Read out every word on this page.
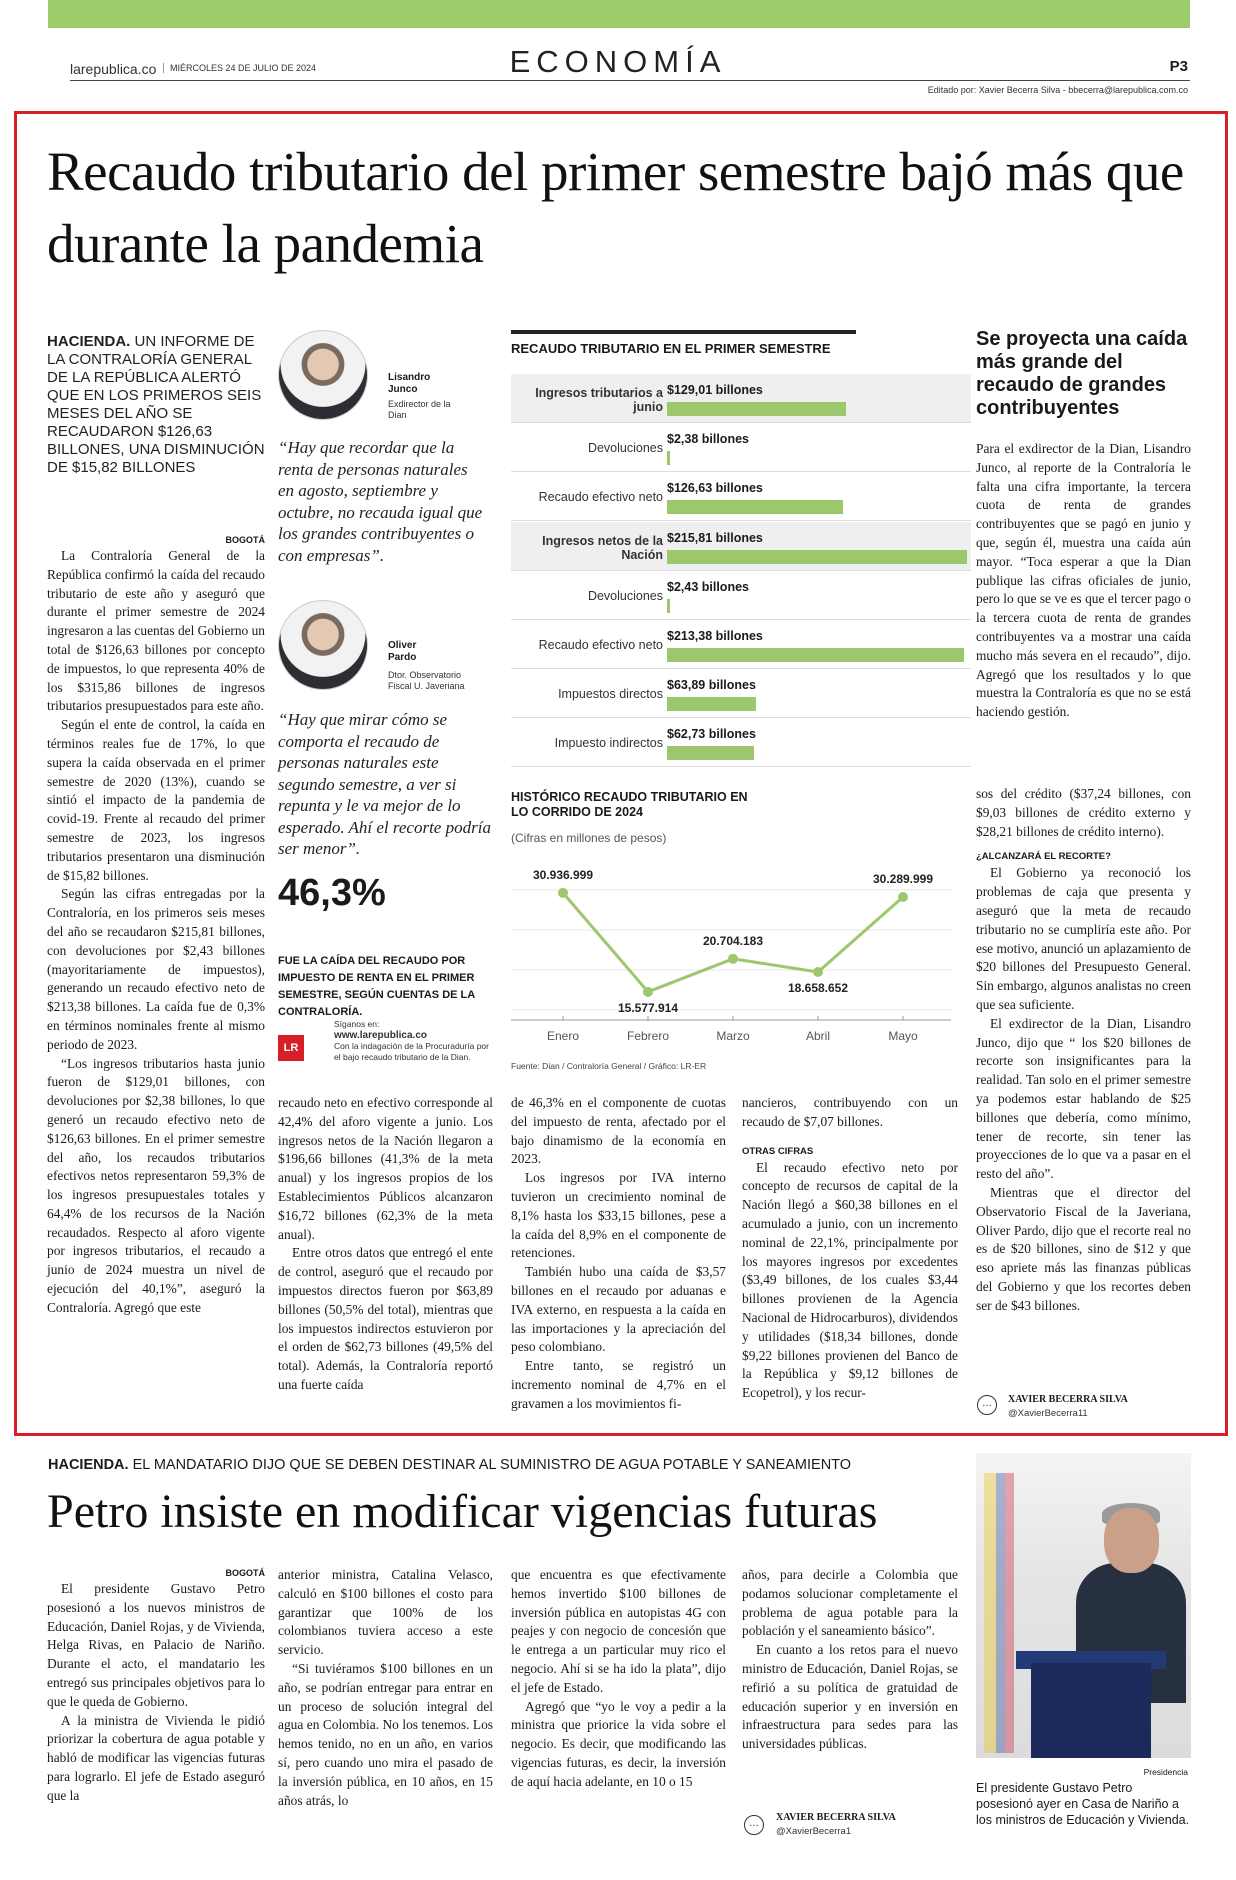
larepublica.co	MIÉRCOLES 24 DE JULIO DE 2024	ECONOMÍA	P3
Editado por: Xavier Becerra Silva - bbecerra@larepublica.com.co
Recaudo tributario del primer semestre bajó más que durante la pandemia
HACIENDA. UN INFORME DE LA CONTRALORÍA GENERAL DE LA REPÚBLICA ALERTÓ QUE EN LOS PRIMEROS SEIS MESES DEL AÑO SE RECAUDARON $126,63 BILLONES, UNA DISMINUCIÓN DE $15,82 BILLONES
BOGOTÁ

La Contraloría General de la República confirmó la caída del recaudo tributario de este año y aseguró que durante el primer semestre de 2024 ingresaron a las cuentas del Gobierno un total de $126,63 billones por concepto de impuestos, lo que representa 40% de los $315,86 billones de ingresos tributarios presupuestados para este año.

Según el ente de control, la caída en términos reales fue de 17%, lo que supera la caída observada en el primer semestre de 2020 (13%), cuando se sintió el impacto de la pandemia de covid-19. Frente al recaudo del primer semestre de 2023, los ingresos tributarios presentaron una disminución de $15,82 billones.

Según las cifras entregadas por la Contraloría, en los primeros seis meses del año se recaudaron $215,81 billones, con devoluciones por $2,43 billones (mayoritariamente de impuestos), generando un recaudo efectivo neto de $213,38 billones. La caída fue de 0,3% en términos nominales frente al mismo periodo de 2023.

“Los ingresos tributarios hasta junio fueron de $129,01 billones, con devoluciones por $2,38 billones, lo que generó un recaudo efectivo neto de $126,63 billones. En el primer semestre del año, los recaudos tributarios efectivos netos representaron 59,3% de los ingresos presupuestales totales y 64,4% de los recursos de la Nación recaudados. Respecto al aforo vigente por ingresos tributarios, el recaudo a junio de 2024 muestra un nivel de ejecución del 40,1%”, aseguró la Contraloría. Agregó que este

Lisandro
Junco
Exdirector de la Dian
“Hay que recordar que la renta de personas naturales en agosto, septiembre y octubre, no recauda igual que los grandes contribuyentes o con empresas”.
Oliver
Pardo
Dtor. Observatorio Fiscal U. Javeriana
“Hay que mirar cómo se comporta el recaudo de personas naturales este segundo semestre, a ver si repunta y le va mejor de lo esperado. Ahí el recorte podría ser menor”.
46,3%
FUE LA CAÍDA DEL RECAUDO POR IMPUESTO DE RENTA EN EL PRIMER SEMESTRE, SEGÚN CUENTAS DE LA CONTRALORÍA.
LR
Síganos en:
www.larepublica.co
Con la indagación de la Procuraduría por el bajo recaudo tributario de la Dian.

recaudo neto en efectivo corresponde al 42,4% del aforo vigente a junio. Los ingresos netos de la Nación llegaron a $196,66 billones (41,3% de la meta anual) y los ingresos propios de los Establecimientos Públicos alcanzaron $16,72 billones (62,3% de la meta anual).

Entre otros datos que entregó el ente de control, aseguró que el recaudo por impuestos directos fueron por $63,89 billones (50,5% del total), mientras que los impuestos indirectos estuvieron por el orden de $62,73 billones (49,5% del total). Además, la Contraloría reportó una fuerte caída

RECAUDO TRIBUTARIO EN EL PRIMER SEMESTRE
Ingresos tributarios a junio
$129,01 billones
Devoluciones
$2,38 billones
Recaudo efectivo neto
$126,63 billones
Ingresos netos de la Nación
$215,81 billones
Devoluciones
$2,43 billones
Recaudo efectivo neto
$213,38 billones
Impuestos directos
$63,89 billones
Impuesto indirectos
$62,73 billones
HISTÓRICO RECAUDO TRIBUTARIO EN LO CORRIDO DE 2024
(Cifras en millones de pesos)
30.936.999
Enero
15.577.914
Febrero
20.704.183
Marzo
18.658.652
Abril
30.289.999
Mayo
Fuente: Dian / Contraloría General / Gráfico: LR-ER

de 46,3% en el componente de cuotas del impuesto de renta, afectado por el bajo dinamismo de la economía en 2023.

Los ingresos por IVA interno tuvieron un crecimiento nominal de 8,1% hasta los $33,15 billones, pese a la caída del 8,9% en el componente de retenciones.

También hubo una caída de $3,57 billones en el recaudo por aduanas e IVA externo, en respuesta a la caída en las importaciones y la apreciación del peso colombiano.

Entre tanto, se registró un incremento nominal de 4,7% en el gravamen a los movimientos fi-

nancieros, contribuyendo con un recaudo de $7,07 billones.

OTRAS CIFRAS

El recaudo efectivo neto por concepto de recursos de capital de la Nación llegó a $60,38 billones en el acumulado a junio, con un incremento nominal de 22,1%, principalmente por los mayores ingresos por excedentes ($3,49 billones, de los cuales $3,44 billones provienen de la Agencia Nacional de Hidrocarburos), dividendos y utilidades ($18,34 billones, donde $9,22 billones provienen del Banco de la República y $9,12 billones de Ecopetrol), y los recur-

Se proyecta una caída más grande del recaudo de grandes contribuyentes

Para el exdirector de la Dian, Lisandro Junco, al reporte de la Contraloría le falta una cifra importante, la tercera cuota de renta de grandes contribuyentes que se pagó en junio y que, según él, muestra una caída aún mayor. “Toca esperar a que la Dian publique las cifras oficiales de junio, pero lo que se ve es que el tercer pago o la tercera cuota de renta de grandes contribuyentes va a mostrar una caída mucho más severa en el recaudo”, dijo. Agregó que los resultados y lo que muestra la Contraloría es que no se está haciendo gestión.

sos del crédito ($37,24 billones, con $9,03 billones de crédito externo y $28,21 billones de crédito interno).

¿ALCANZARÁ EL RECORTE?

El Gobierno ya reconoció los problemas de caja que presenta y aseguró que la meta de recaudo tributario no se cumpliría este año. Por ese motivo, anunció un aplazamiento de $20 billones del Presupuesto General. Sin embargo, algunos analistas no creen que sea suficiente.

El exdirector de la Dian, Lisandro Junco, dijo que “ los $20 billones de recorte son insignificantes para la realidad. Tan solo en el primer semestre ya podemos estar hablando de $25 billones que debería, como mínimo, tener de recorte, sin tener las proyecciones de lo que va a pasar en el resto del año”.

Mientras que el director del Observatorio Fiscal de la Javeriana, Oliver Pardo, dijo que el recorte real no es de $20 billones, sino de $12 y que eso apriete más las finanzas públicas del Gobierno y que los recortes deben ser de $43 billones.

…	XAVIER BECERRA SILVA
@XavierBecerra11
HACIENDA. EL MANDATARIO DIJO QUE SE DEBEN DESTINAR AL SUMINISTRO DE AGUA POTABLE Y SANEAMIENTO
Petro insiste en modificar vigencias futuras
BOGOTÁ

El presidente Gustavo Petro posesionó a los nuevos ministros de Educación, Daniel Rojas, y de Vivienda, Helga Rivas, en Palacio de Nariño. Durante el acto, el mandatario les entregó sus principales objetivos para lo que le queda de Gobierno.

A la ministra de Vivienda le pidió priorizar la cobertura de agua potable y habló de modificar las vigencias futuras para lograrlo. El jefe de Estado aseguró que la

anterior ministra, Catalina Velasco, calculó en $100 billones el costo para garantizar que 100% de los colombianos tuviera acceso a este servicio.

“Si tuviéramos $100 billones en un año, se podrían entregar para entrar en un proceso de solución integral del agua en Colombia. No los tenemos. Los hemos tenido, no en un año, en varios sí, pero cuando uno mira el pasado de la inversión pública, en 10 años, en 15 años atrás, lo

que encuentra es que efectivamente hemos invertido $100 billones de inversión pública en autopistas 4G con peajes y con negocio de concesión que le entrega a un particular muy rico el negocio. Ahí si se ha ido la plata”, dijo el jefe de Estado.

Agregó que “yo le voy a pedir a la ministra que priorice la vida sobre el negocio. Es decir, que modificando las vigencias futuras, es decir, la inversión de aquí hacia adelante, en 10 o 15

años, para decirle a Colombia que podamos solucionar completamente el problema de agua potable para la población y el saneamiento básico”.

En cuanto a los retos para el nuevo ministro de Educación, Daniel Rojas, se refirió a su política de gratuidad de educación superior y en inversión en infraestructura para sedes para las universidades públicas.

…
XAVIER BECERRA SILVA
@XavierBecerra1
Presidencia
El presidente Gustavo Petro posesionó ayer en Casa de Nariño a los ministros de Educación y Vivienda.
